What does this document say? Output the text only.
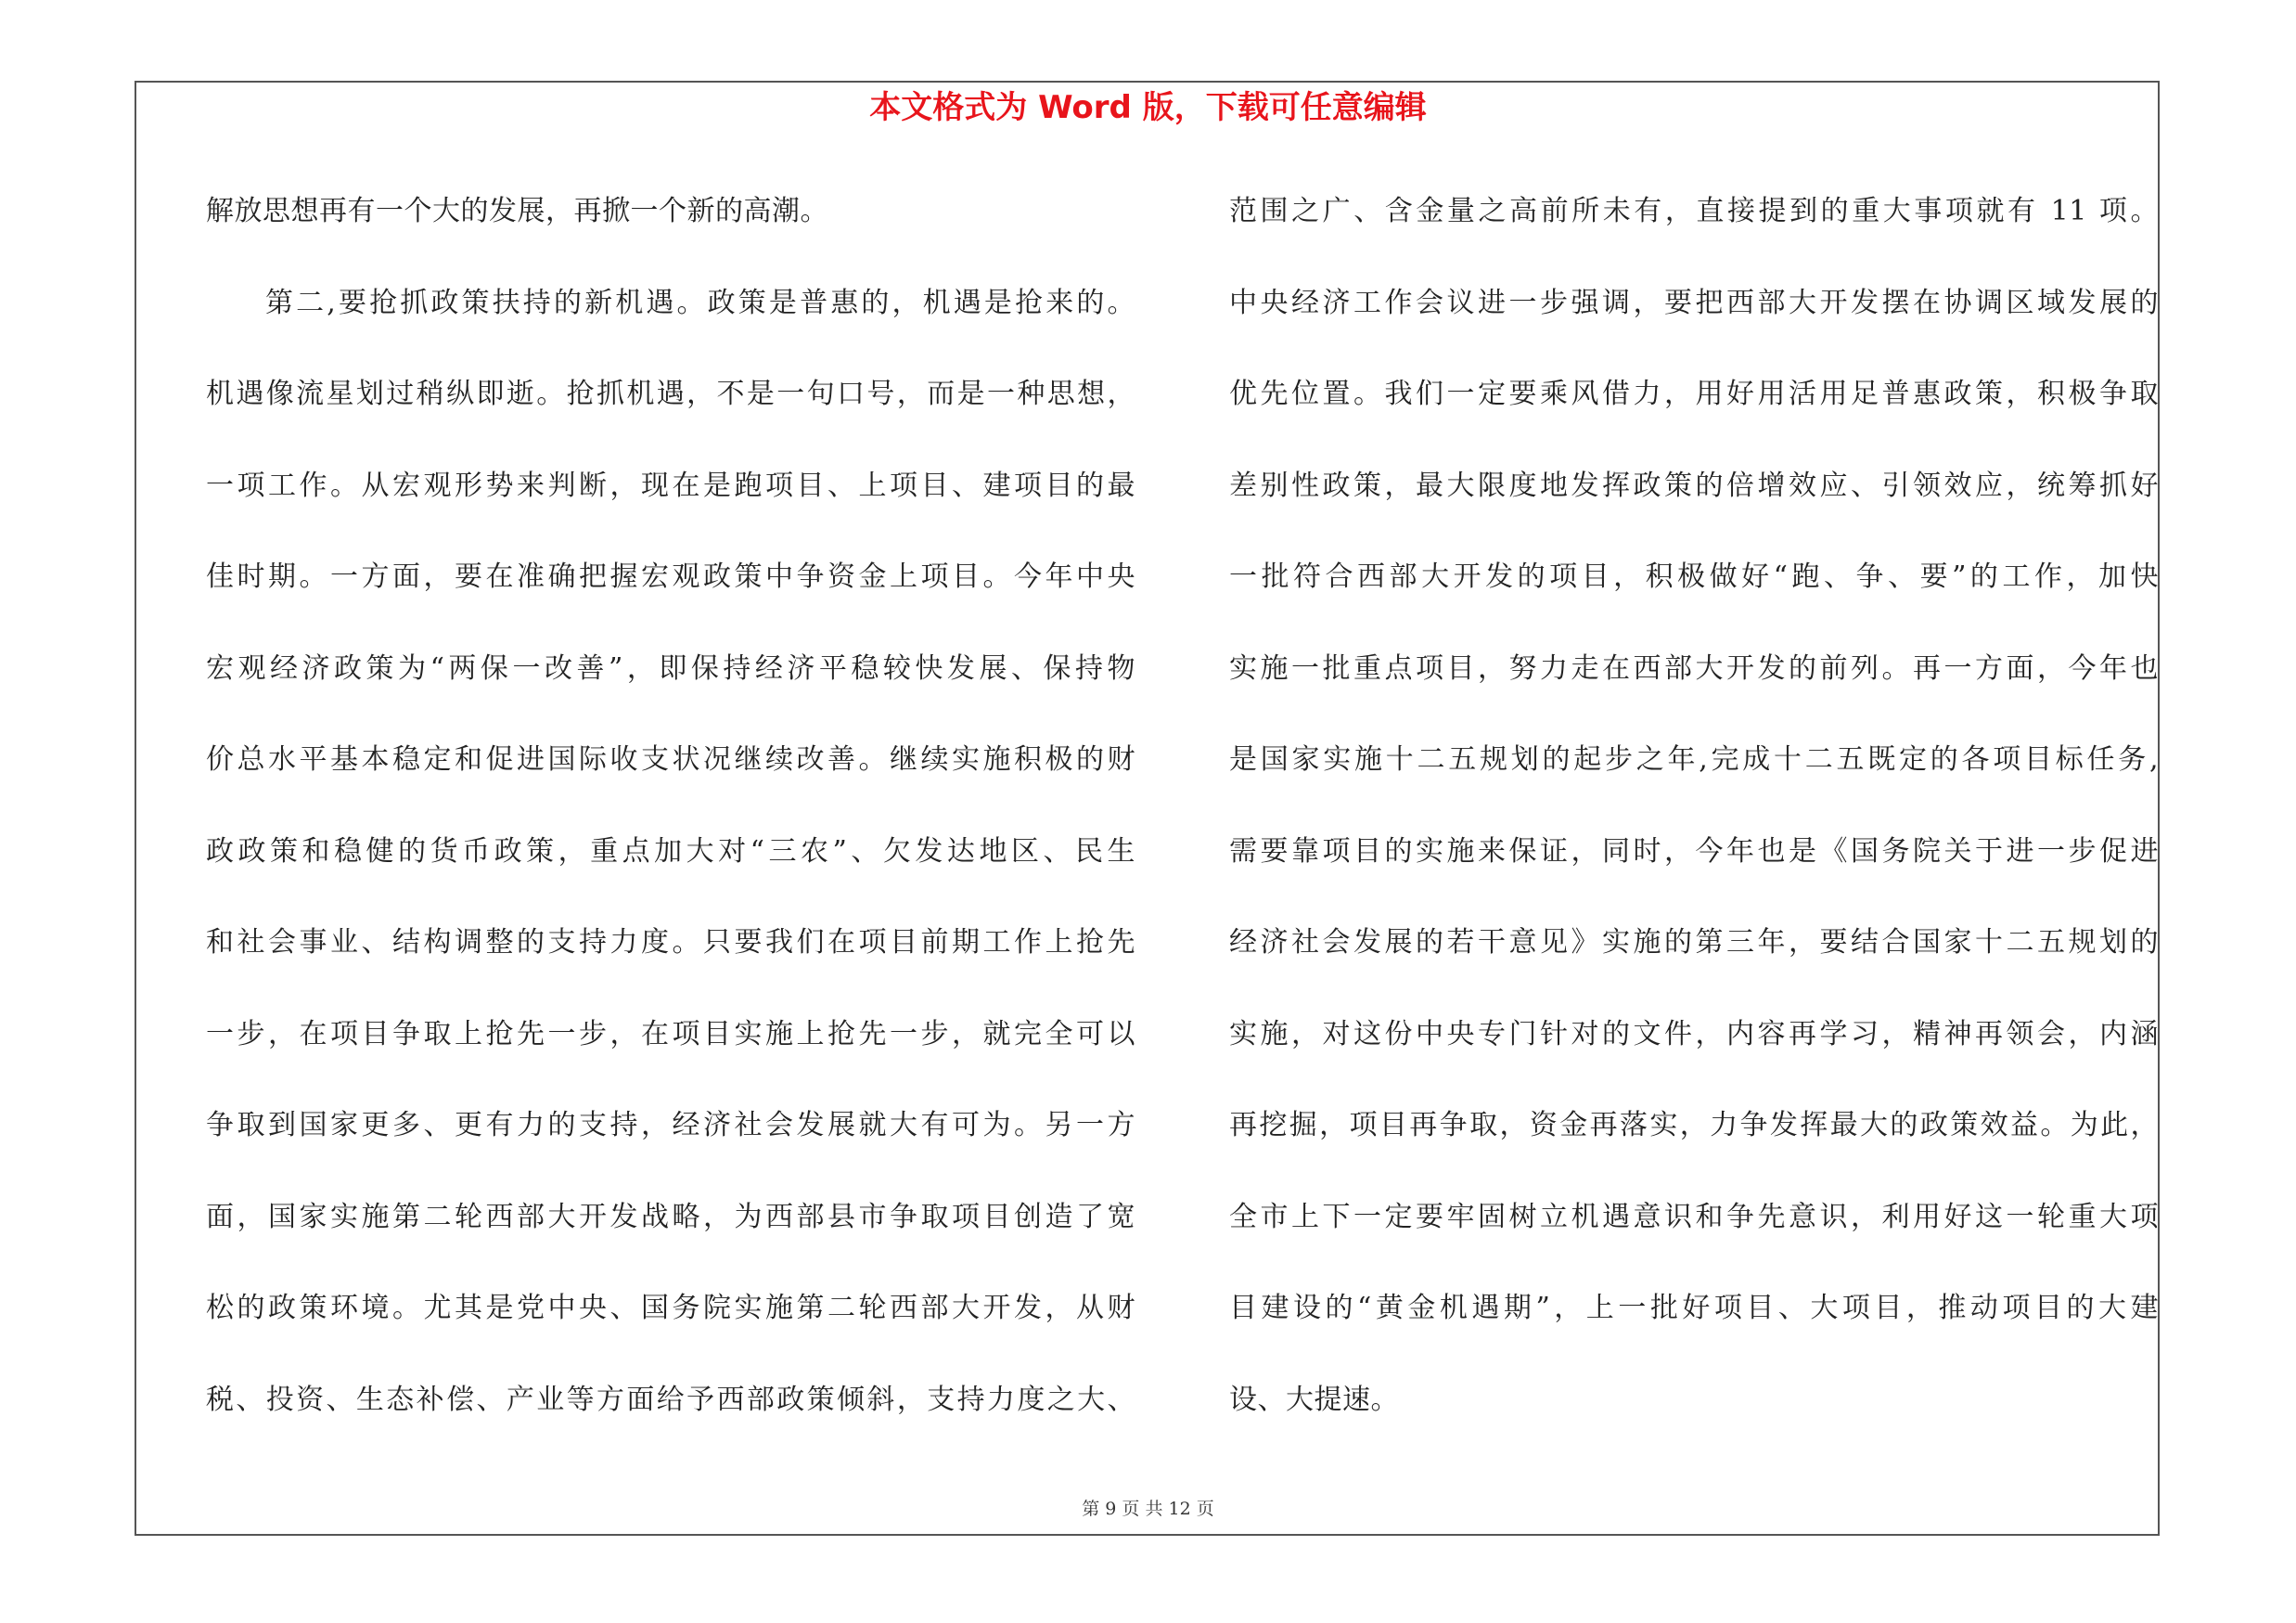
本文格式为 Word 版，下载可任意编辑
解放思想再有一个大的发展，再掀一个新的高潮。
第二,要抢抓政策扶持的新机遇。政策是普惠的，机遇是抢来的。
机遇像流星划过稍纵即逝。抢抓机遇，不是一句口号，而是一种思想，
一项工作。从宏观形势来判断，现在是跑项目、上项目、建项目的最
佳时期。一方面，要在准确把握宏观政策中争资金上项目。今年中央
宏观经济政策为“两保一改善”，即保持经济平稳较快发展、保持物
价总水平基本稳定和促进国际收支状况继续改善。继续实施积极的财
政政策和稳健的货币政策，重点加大对“三农”、欠发达地区、民生
和社会事业、结构调整的支持力度。只要我们在项目前期工作上抢先
一步，在项目争取上抢先一步，在项目实施上抢先一步，就完全可以
争取到国家更多、更有力的支持，经济社会发展就大有可为。另一方
面，国家实施第二轮西部大开发战略，为西部县市争取项目创造了宽
松的政策环境。尤其是党中央、国务院实施第二轮西部大开发，从财
税、投资、生态补偿、产业等方面给予西部政策倾斜，支持力度之大、
范围之广、含金量之高前所未有，直接提到的重大事项就有 11 项。
中央经济工作会议进一步强调，要把西部大开发摆在协调区域发展的
优先位置。我们一定要乘风借力，用好用活用足普惠政策，积极争取
差别性政策，最大限度地发挥政策的倍增效应、引领效应，统筹抓好
一批符合西部大开发的项目，积极做好“跑、争、要”的工作，加快
实施一批重点项目，努力走在西部大开发的前列。再一方面，今年也
是国家实施十二五规划的起步之年,完成十二五既定的各项目标任务,
需要靠项目的实施来保证，同时，今年也是《国务院关于进一步促进
经济社会发展的若干意见》实施的第三年，要结合国家十二五规划的
实施，对这份中央专门针对的文件，内容再学习，精神再领会，内涵
再挖掘，项目再争取，资金再落实，力争发挥最大的政策效益。为此，
全市上下一定要牢固树立机遇意识和争先意识，利用好这一轮重大项
目建设的“黄金机遇期”，上一批好项目、大项目，推动项目的大建
设、大提速。
第 9 页 共 12 页
